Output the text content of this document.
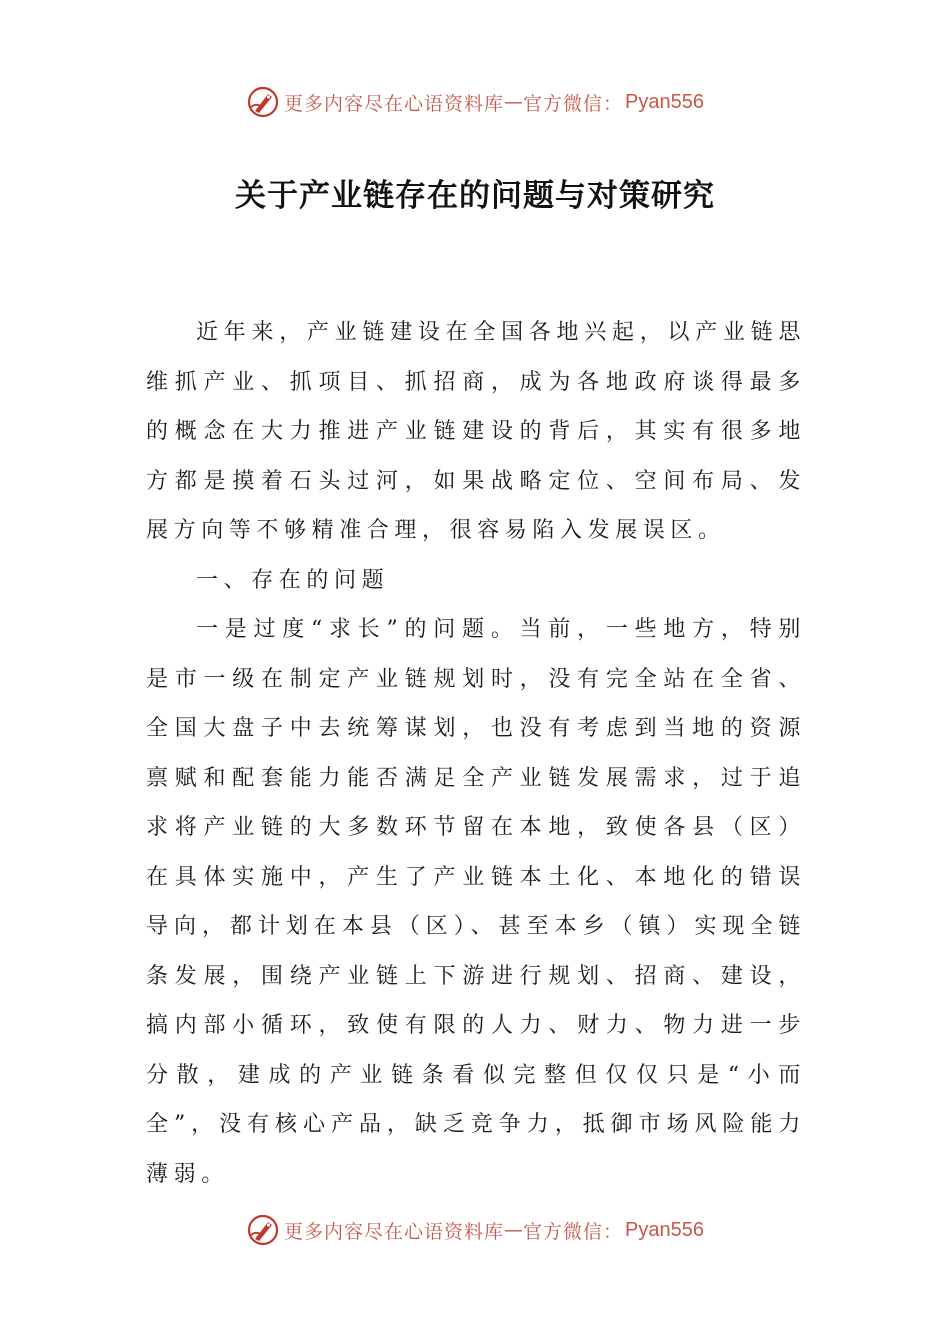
更多内容尽在心语资料库 — 官方微信： Pyan556
关于产业链存在的问题与对策研究

近年来，产业链建设在全国各地兴起，以产业链思维抓产业、抓项目、抓招商，成为各地政府谈得最多的概念在大力推进产业链建设的背后，其实有很多地方都是摸着石头过河，如果战略定位、空间布局、发展方向等不够精准合理，很容易陷入发展误区。

一、存在的问题

一是过度“求长”的问题。当前，一些地方，特别是市一级在制定产业链规划时，没有完全站在全省、全国大盘子中去统筹谋划，也没有考虑到当地的资源禀赋和配套能力能否满足全产业链发展需求，过于追求将产业链的大多数环节留在本地，致使各县（区）在具体实施中，产生了产业链本土化、本地化的错误导向，都计划在本县（区）、甚至本乡（镇）实现全链条发展，围绕产业链上下游进行规划、招商、建设，搞内部小循环，致使有限的人力、财力、物力进一步分散，建成的产业链条看似完整但仅仅只是“小而全”，没有核心产品，缺乏竞争力，抵御市场风险能力薄弱。

更多内容尽在心语资料库 — 官方微信： Pyan556
